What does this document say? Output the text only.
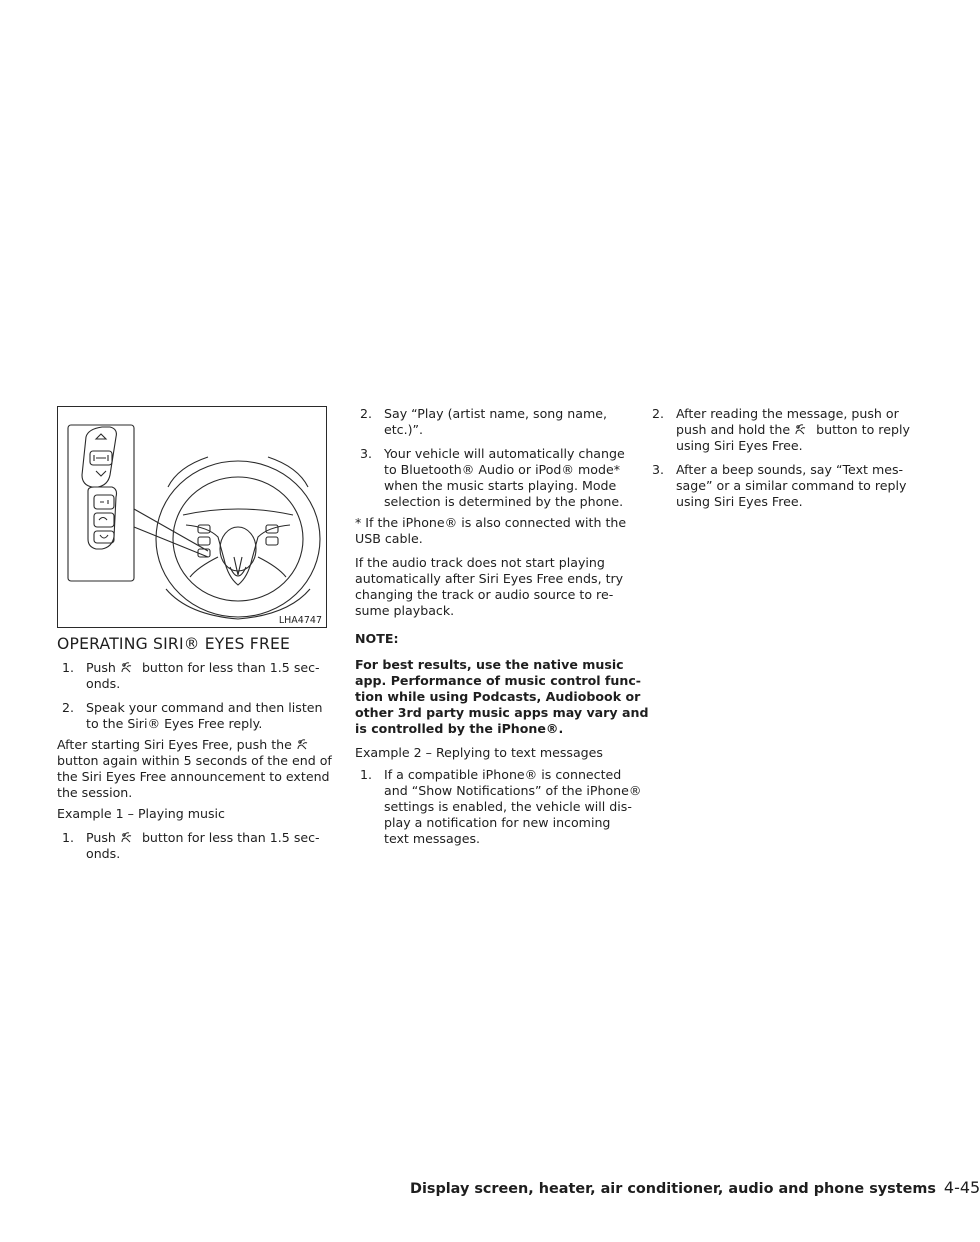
LHA4747
OPERATING SIRI® EYES FREE
1. Push button for less than 1.5 sec-
onds.
2. Speak your command and then listen
to the Siri® Eyes Free reply.
After starting Siri Eyes Free, push the
button again within 5 seconds of the end of
the Siri Eyes Free announcement to extend
the session.
Example 1 – Playing music
1. Push button for less than 1.5 sec-
onds.
2. Say “Play (artist name, song name,
etc.)”.
3. Your vehicle will automatically change
to Bluetooth® Audio or iPod® mode*
when the music starts playing. Mode
selection is determined by the phone.
* If the iPhone® is also connected with the
USB cable.
If the audio track does not start playing
automatically after Siri Eyes Free ends, try
changing the track or audio source to re-
sume playback.
NOTE:
For best results, use the native music
app. Performance of music control func-
tion while using Podcasts, Audiobook or
other 3rd party music apps may vary and
is controlled by the iPhone®.
Example 2 – Replying to text messages
1. If a compatible iPhone® is connected
and “Show Notifications” of the iPhone®
settings is enabled, the vehicle will dis-
play a notification for new incoming
text messages.
2. After reading the message, push or
push and hold the button to reply
using Siri Eyes Free.
3. After a beep sounds, say “Text mes-
sage” or a similar command to reply
using Siri Eyes Free.
Display screen, heater, air conditioner, audio and phone systems 4-45
